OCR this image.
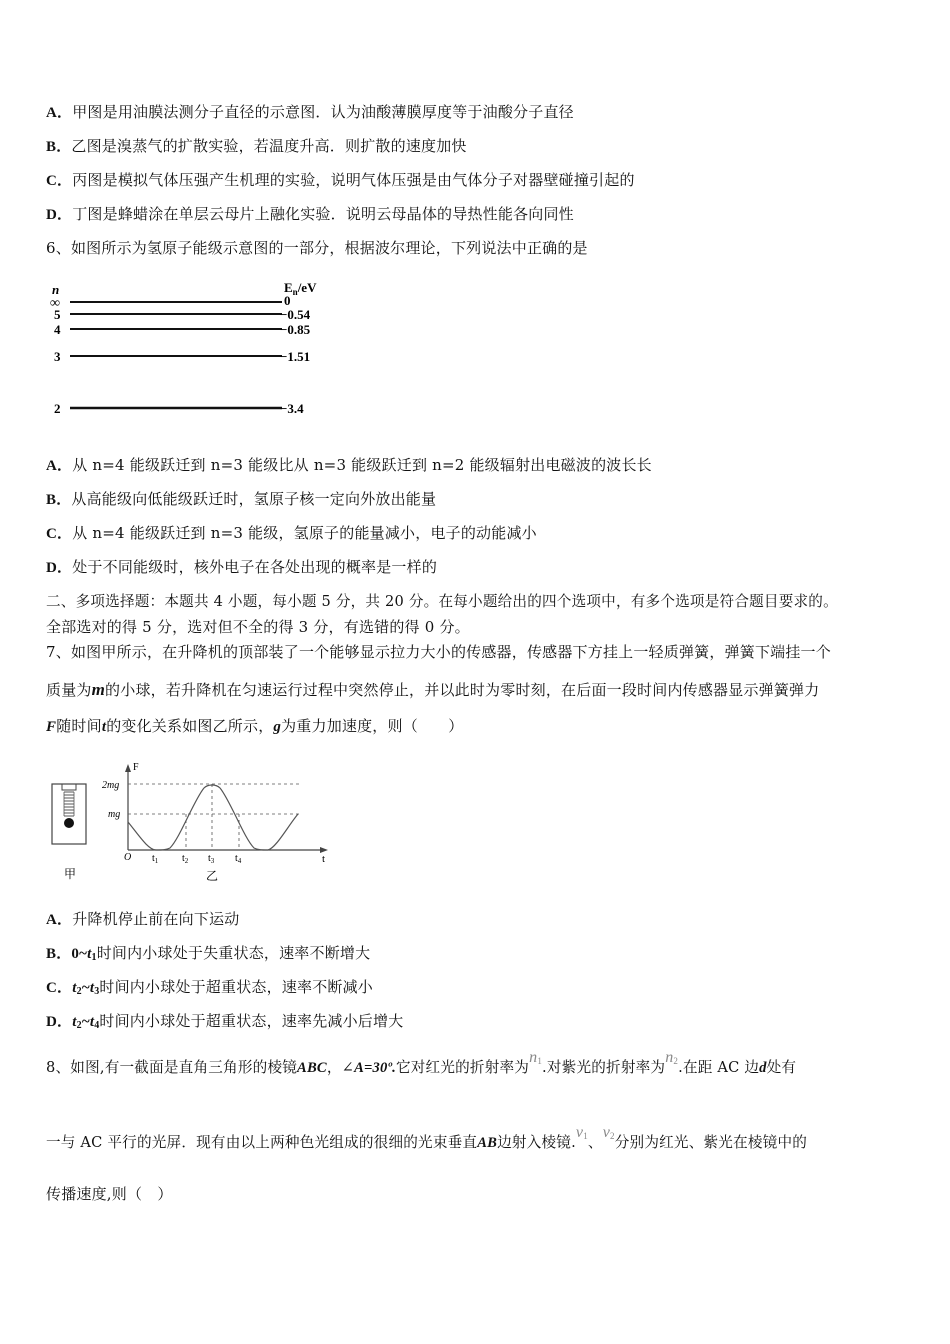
A．甲图是用油膜法测分子直径的示意图．认为油酸薄膜厚度等于油酸分子直径
B．乙图是溴蒸气的扩散实验，若温度升高．则扩散的速度加快
C．丙图是模拟气体压强产生机理的实验，说明气体压强是由气体分子对器壁碰撞引起的
D．丁图是蜂蜡涂在单层云母片上融化实验．说明云母晶体的导热性能各向同性
6、如图所示为氢原子能级示意图的一部分，根据波尔理论，下列说法中正确的是
n	$E_n/eV$
∞	0
5	−0.54
4	−0.85
3	−1.51
2	−3.4
A．从 n=4 能级跃迁到 n=3 能级比从 n=3 能级跃迁到 n=2 能级辐射出电磁波的波长长
B．从高能级向低能级跃迁时，氢原子核一定向外放出能量
C．从 n=4 能级跃迁到 n=3 能级，氢原子的能量减小，电子的动能减小
D．处于不同能级时，核外电子在各处出现的概率是一样的
二、多项选择题：本题共 4 小题，每小题 5 分，共 20 分。在每小题给出的四个选项中，有多个选项是符合题目要求的。
全部选对的得 5 分，选对但不全的得 3 分，有选错的得 0 分。
7、如图甲所示，在升降机的顶部装了一个能够显示拉力大小的传感器，传感器下方挂上一轻质弹簧，弹簧下端挂一个
质量为m的小球，若升降机在匀速运行过程中突然停止，并以此时为零时刻，在后面一段时间内传感器显示弹簧弹力
F随时间t的变化关系如图乙所示，g为重力加速度，则（　　）
甲
F
t
O
2mg
mg
$t_1$ $t_2$ $t_3$ $t_4$
乙
A．升降机停止前在向下运动
B．$0\sim t_1$时间内小球处于失重状态，速率不断增大
C．$t_2\sim t_3$时间内小球处于超重状态，速率不断减小
D．$t_2\sim t_4$时间内小球处于超重状态，速率先减小后增大
8、如图,有一截面是直角三角形的棱镜ABC，∠A=30º.它对红光的折射率为$n_1$.对紫光的折射率为$n_2$.在距 AC 边d处有
一与 AC 平行的光屏．现有由以上两种色光组成的很细的光束垂直AB边射入棱镜$.v_1$、$v_2$分别为红光、紫光在棱镜中的
传播速度,则（　）
